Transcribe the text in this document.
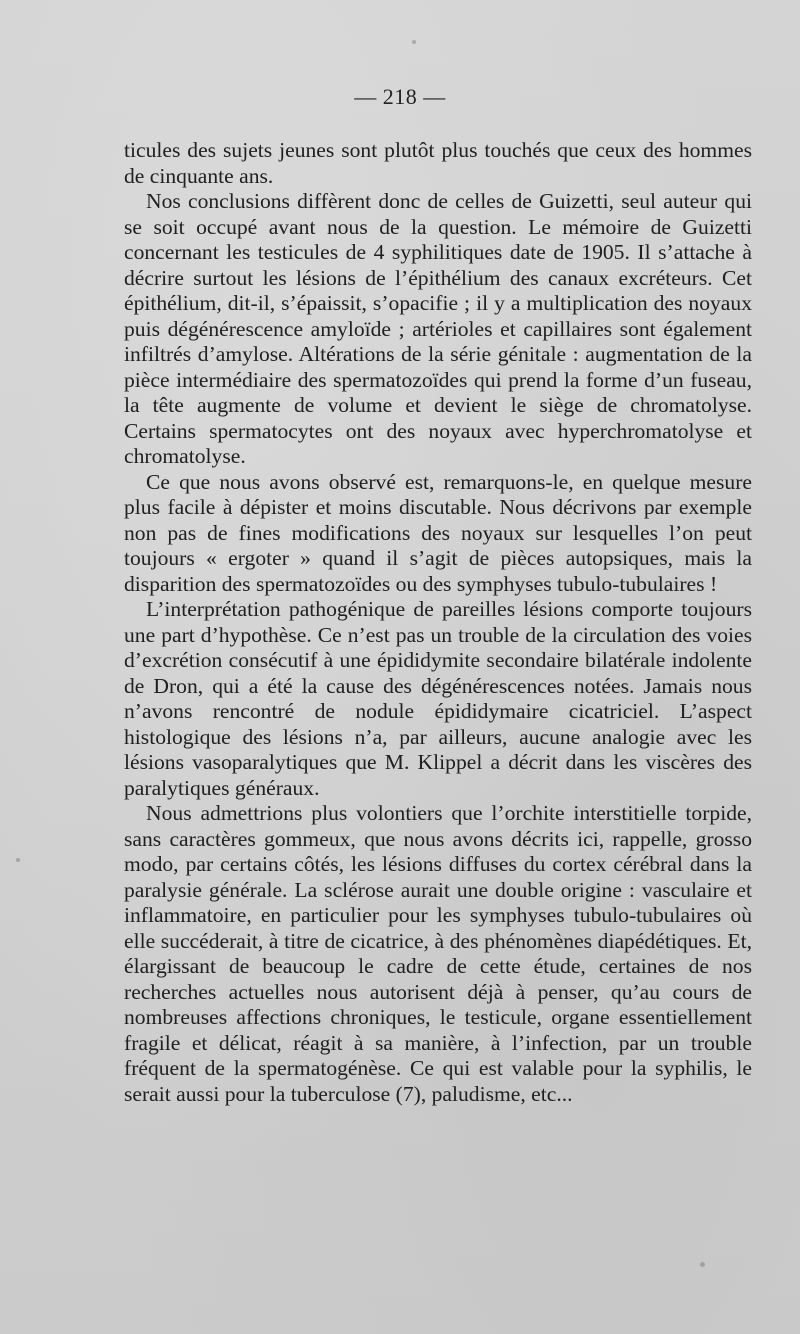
— 218 —

ticules des sujets jeunes sont plutôt plus touchés que ceux des hommes de cinquante ans.

Nos conclusions diffèrent donc de celles de Guizetti, seul auteur qui se soit occupé avant nous de la question. Le mémoire de Guizetti concernant les testicules de 4 syphilitiques date de 1905. Il s’attache à décrire surtout les lésions de l’épithélium des canaux excréteurs. Cet épithélium, dit-il, s’épaissit, s’opacifie ; il y a multiplication des noyaux puis dégénérescence amyloïde ; artérioles et capillaires sont également infiltrés d’amylose. Altérations de la série génitale : augmentation de la pièce intermédiaire des spermatozoïdes qui prend la forme d’un fuseau, la tête augmente de volume et devient le siège de chromatolyse. Certains spermatocytes ont des noyaux avec hyperchromatolyse et chromatolyse.

Ce que nous avons observé est, remarquons-le, en quelque mesure plus facile à dépister et moins discutable. Nous décrivons par exemple non pas de fines modifications des noyaux sur lesquelles l’on peut toujours « ergoter » quand il s’agit de pièces autopsiques, mais la disparition des spermatozoïdes ou des symphyses tubulo-tubulaires !

L’interprétation pathogénique de pareilles lésions comporte toujours une part d’hypothèse. Ce n’est pas un trouble de la circulation des voies d’excrétion consécutif à une épididymite secondaire bilatérale indolente de Dron, qui a été la cause des dégénérescences notées. Jamais nous n’avons rencontré de nodule épididymaire cicatriciel. L’aspect histologique des lésions n’a, par ailleurs, aucune analogie avec les lésions vasoparalytiques que M. Klippel a décrit dans les viscères des paralytiques généraux.

Nous admettrions plus volontiers que l’orchite interstitielle torpide, sans caractères gommeux, que nous avons décrits ici, rappelle, grosso modo, par certains côtés, les lésions diffuses du cortex cérébral dans la paralysie générale. La sclérose aurait une double origine : vasculaire et inflammatoire, en particulier pour les symphyses tubulo-tubulaires où elle succéderait, à titre de cicatrice, à des phénomènes diapédétiques. Et, élargissant de beaucoup le cadre de cette étude, certaines de nos recherches actuelles nous autorisent déjà à penser, qu’au cours de nombreuses affections chroniques, le testicule, organe essentiellement fragile et délicat, réagit à sa manière, à l’infection, par un trouble fréquent de la spermatogénèse. Ce qui est valable pour la syphilis, le serait aussi pour la tuberculose (7), paludisme, etc...
